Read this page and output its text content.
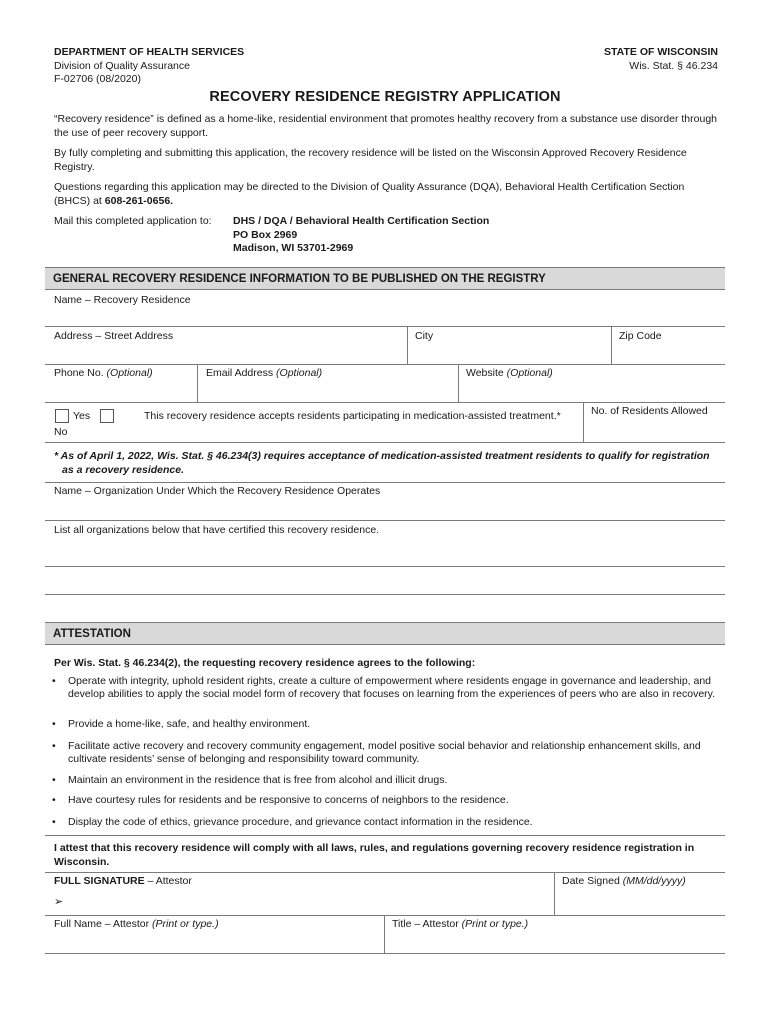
DEPARTMENT OF HEALTH SERVICES
Division of Quality Assurance
F-02706 (08/2020)
STATE OF WISCONSIN
Wis. Stat. § 46.234
RECOVERY RESIDENCE REGISTRY APPLICATION
“Recovery residence” is defined as a home-like, residential environment that promotes healthy recovery from a substance use disorder through the use of peer recovery support.
By fully completing and submitting this application, the recovery residence will be listed on the Wisconsin Approved Recovery Residence Registry.
Questions regarding this application may be directed to the Division of Quality Assurance (DQA), Behavioral Health Certification Section (BHCS) at 608-261-0656.
Mail this completed application to: DHS / DQA / Behavioral Health Certification Section
PO Box 2969
Madison, WI 53701-2969
GENERAL RECOVERY RESIDENCE INFORMATION TO BE PUBLISHED ON THE REGISTRY
Name – Recovery Residence
Address – Street Address	City	Zip Code
Phone No. (Optional)	Email Address (Optional)	Website (Optional)
Yes
No
This recovery residence accepts residents participating in medication-assisted treatment.*	No. of Residents Allowed
* As of April 1, 2022, Wis. Stat. § 46.234(3) requires acceptance of medication-assisted treatment residents to qualify for registration as a recovery residence.
Name – Organization Under Which the Recovery Residence Operates
List all organizations below that have certified this recovery residence.
ATTESTATION
Per Wis. Stat. § 46.234(2), the requesting recovery residence agrees to the following:
• Operate with integrity, uphold resident rights, create a culture of empowerment where residents engage in governance and leadership, and develop abilities to apply the social model form of recovery that focuses on learning from the experiences of peers who are also in recovery.
• Provide a home-like, safe, and healthy environment.
• Facilitate active recovery and recovery community engagement, model positive social behavior and relationship enhancement skills, and cultivate residents’ sense of belonging and responsibility toward community.
• Maintain an environment in the residence that is free from alcohol and illicit drugs.
• Have courtesy rules for residents and be responsive to concerns of neighbors to the residence.
• Display the code of ethics, grievance procedure, and grievance contact information in the residence.
I attest that this recovery residence will comply with all laws, rules, and regulations governing recovery residence registration in Wisconsin.
FULL SIGNATURE – Attestor
➢
Date Signed (MM/dd/yyyy)
Full Name – Attestor (Print or type.)	Title – Attestor (Print or type.)
